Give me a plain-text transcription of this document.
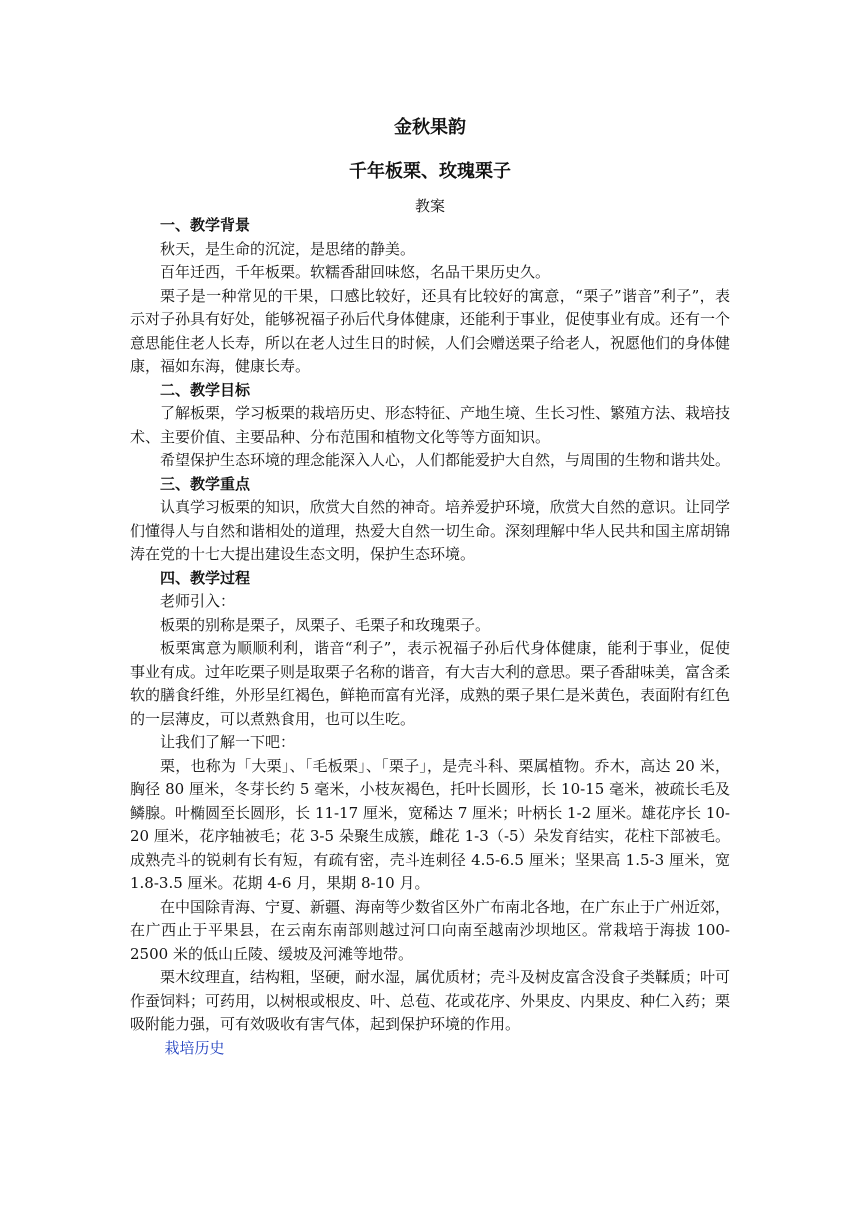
金秋果韵
千年板栗、玫瑰栗子
教案
一、教学背景

秋天，是生命的沉淀，是思绪的静美。

百年迁西，千年板栗。软糯香甜回味悠，名品干果历史久。

栗子是一种常见的干果，口感比较好，还具有比较好的寓意，“栗子”谐音”利子”，表示对子孙具有好处，能够祝福子孙后代身体健康，还能利于事业，促使事业有成。还有一个意思能住老人长寿，所以在老人过生日的时候，人们会赠送栗子给老人，祝愿他们的身体健康，福如东海，健康长寿。

二、教学目标

了解板栗，学习板栗的栽培历史、形态特征、产地生境、生长习性、繁殖方法、栽培技术、主要价值、主要品种、分布范围和植物文化等等方面知识。

希望保护生态环境的理念能深入人心，人们都能爱护大自然，与周围的生物和谐共处。

三、教学重点

认真学习板栗的知识，欣赏大自然的神奇。培养爱护环境，欣赏大自然的意识。让同学们懂得人与自然和谐相处的道理，热爱大自然一切生命。深刻理解中华人民共和国主席胡锦涛在党的十七大提出建设生态文明，保护生态环境。

四、教学过程

老师引入：

板栗的别称是栗子，凤栗子、毛栗子和玫瑰栗子。

板栗寓意为顺顺利利，谐音“利子”，表示祝福子孙后代身体健康，能利于事业，促使事业有成。过年吃栗子则是取栗子名称的谐音，有大吉大利的意思。栗子香甜味美，富含柔软的膳食纤维，外形呈红褐色，鲜艳而富有光泽，成熟的栗子果仁是米黄色，表面附有红色的一层薄皮，可以煮熟食用，也可以生吃。

让我们了解一下吧：

栗，也称为「大栗」、「毛板栗」、「栗子」，是壳斗科、栗属植物。乔木，高达 20 米，胸径 80 厘米，冬芽长约 5 毫米，小枝灰褐色，托叶长圆形，长 10-15 毫米，被疏长毛及鳞腺。叶椭圆至长圆形，长 11-17 厘米，宽稀达 7 厘米；叶柄长 1-2 厘米。雄花序长 10-20 厘米，花序轴被毛；花 3-5 朵聚生成簇，雌花 1-3（-5）朵发育结实，花柱下部被毛。成熟壳斗的锐刺有长有短，有疏有密，壳斗连刺径 4.5-6.5 厘米；坚果高 1.5-3 厘米，宽 1.8-3.5 厘米。花期 4-6 月，果期 8-10 月。

在中国除青海、宁夏、新疆、海南等少数省区外广布南北各地，在广东止于广州近郊，在广西止于平果县，在云南东南部则越过河口向南至越南沙坝地区。常栽培于海拔 100-2500 米的低山丘陵、缓坡及河滩等地带。

栗木纹理直，结构粗，坚硬，耐水湿，属优质材；壳斗及树皮富含没食子类鞣质；叶可作蚕饲料；可药用，以树根或根皮、叶、总苞、花或花序、外果皮、内果皮、种仁入药；栗吸附能力强，可有效吸收有害气体，起到保护环境的作用。

栽培历史
